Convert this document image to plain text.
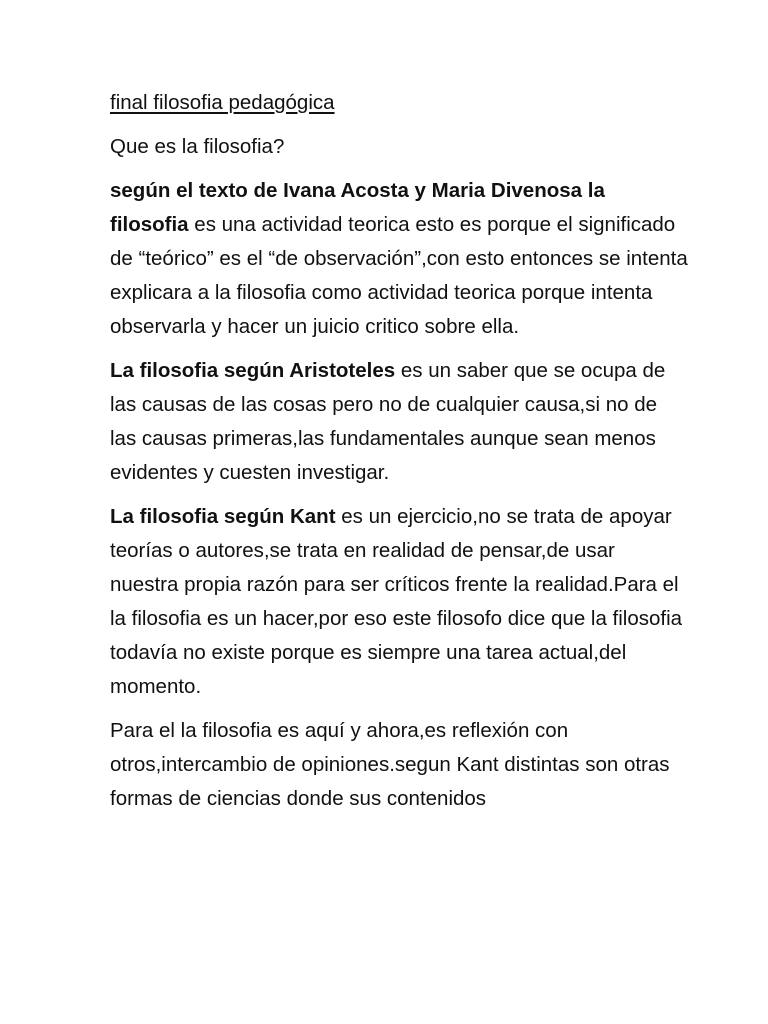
final filosofia pedagógica

Que es la filosofia?

según el texto de Ivana Acosta y Maria Divenosa la filosofia es una actividad teorica esto es porque el significado de “teórico” es el “de observación”,con esto entonces se intenta explicara a la filosofia como actividad teorica porque intenta observarla y hacer un juicio critico sobre ella.

La filosofia según Aristoteles es un saber que se ocupa de las causas de las cosas pero no de cualquier causa,si no de las causas primeras,las fundamentales aunque sean menos evidentes y cuesten investigar.

La filosofia según Kant es un ejercicio,no se trata de apoyar teorías o autores,se trata en realidad de pensar,de usar nuestra propia razón para ser críticos frente la realidad.Para el la filosofia es un hacer,por eso este filosofo dice que la filosofia todavía no existe porque es siempre una tarea actual,del momento.

Para el la filosofia es aquí y ahora,es reflexión con otros,intercambio de opiniones.segun Kant distintas son otras formas de ciencias donde sus contenidos
